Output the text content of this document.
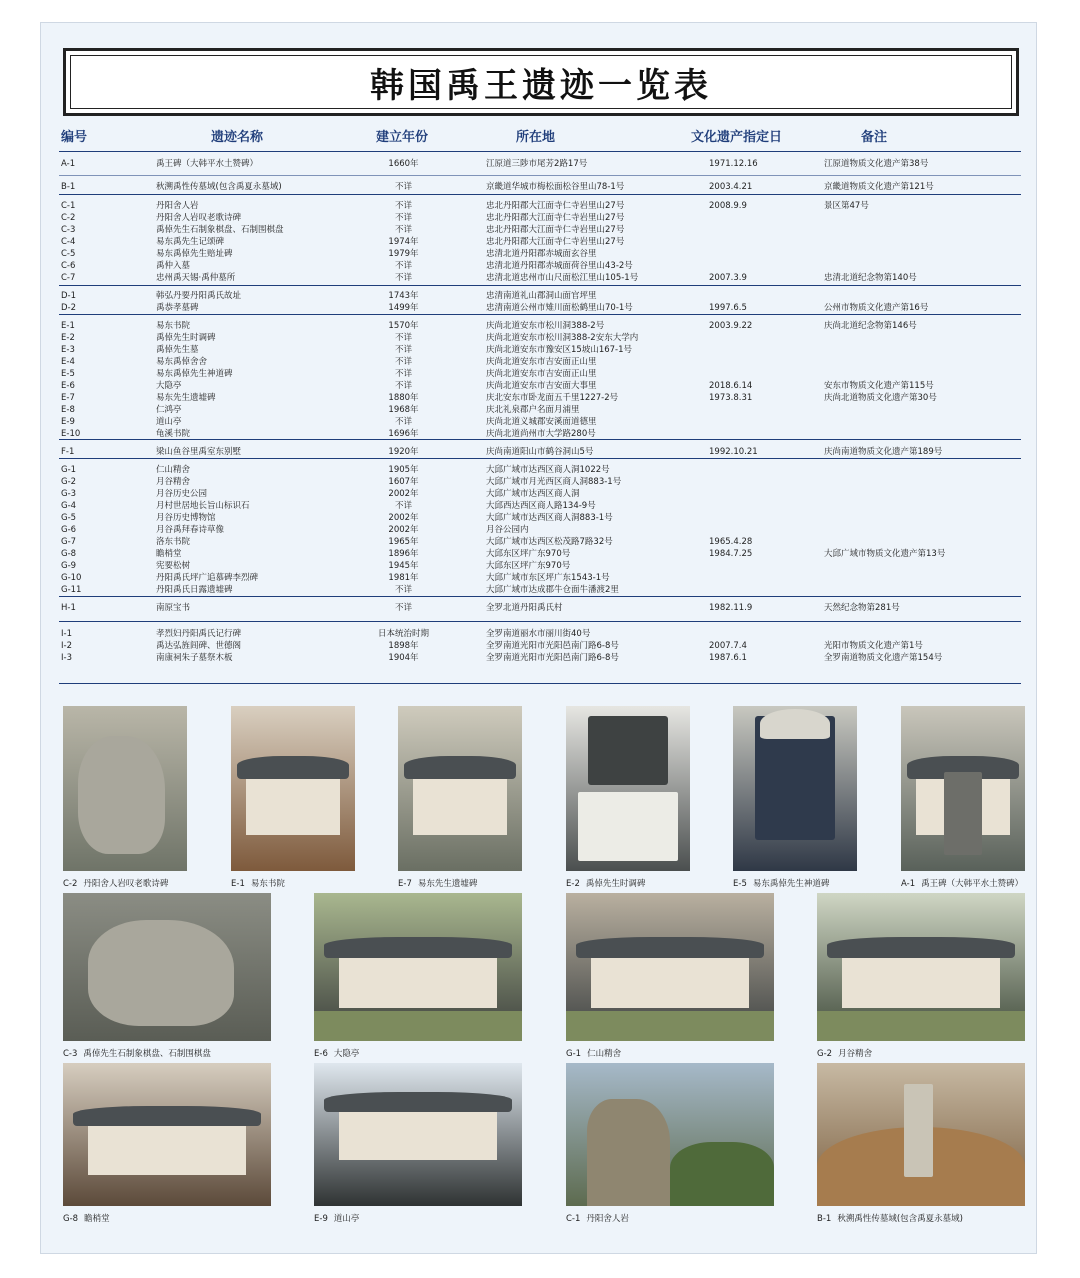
韩国禹王遗迹一览表
编号	遗迹名称	建立年份	所在地	文化遗产指定日	备注
A-1	禹王碑（大韩平水土赞碑）	1660年	江原道三陟市尾芳2路17号	1971.12.16	江原道物质文化遗产第38号
B-1	秋溯禹性传墓域(包含禹夏永墓域)	不详	京畿道华城市梅松面松谷里山78-1号	2003.4.21	京畿道物质文化遗产第121号
C-1	丹阳舍人岩	不详	忠北丹阳郡大江面寺仁寺岩里山27号	2008.9.9	景区第47号
C-2	丹阳舍人岩叹老歌诗碑	不详	忠北丹阳郡大江面寺仁寺岩里山27号
C-3	禹倬先生石制象棋盘、石制围棋盘	不详	忠北丹阳郡大江面寺仁寺岩里山27号
C-4	易东禹先生记颂碑	1974年	忠北丹阳郡大江面寺仁寺岩里山27号
C-5	易东禹倬先生赔址碑	1979年	忠清北道丹阳郡赤城面玄谷里
C-6	禹仲入墓	不详	忠清北道丹阳郡赤城面荷谷里山43-2号
C-7	忠州禹天锡·禹仲墓所	不详	忠清北道忠州市山尺面松江里山105-1号	2007.3.9	忠清北道纪念物第140号
D-1	韩弘丹要丹阳禹氏故址	1743年	忠清南道礼山郡洞山面官坪里
D-2	禹恭孝墓碑	1499年	忠清南道公州市雉川面松鹤里山70-1号	1997.6.5	公州市物质文化遗产第16号
E-1	易东书院	1570年	庆尚北道安东市松川洞388-2号	2003.9.22	庆尚北道纪念物第146号
E-2	禹倬先生时调碑	不详	庆尚北道安东市松川洞388-2安东大学内
E-3	禹倬先生墓	不详	庆尚北道安东市豫安区15坡山167-1号
E-4	易东禹倬舍舍	不详	庆尚北道安东市吉安面正山里
E-5	易东禹倬先生神道碑	不详	庆尚北道安东市吉安面正山里
E-6	大隐亭	不详	庆尚北道安东市吉安面大事里	2018.6.14	安东市物质文化遗产第115号
E-7	易东先生遗墟碑	1880年	庆北安东市卧龙面五千里1227-2号	1973.8.31	庆尚北道物质文化遗产第30号
E-8	仁鸿亭	1968年	庆北礼泉郡户名面月浦里
E-9	道山亭	不详	庆尚北道义城郡安溪面道德里
E-10	龟溪书院	1696年	庆尚北道尚州市大学路280号
F-1	梁山鱼谷里禹室东别墅	1920年	庆尚南道阳山市鹤谷洞山5号	1992.10.21	庆尚南道物质文化遗产第189号
G-1	仁山精舍	1905年	大邱广域市达西区商人洞1022号
G-2	月谷精舍	1607年	大邱广域市月光西区商人洞883-1号
G-3	月谷历史公园	2002年	大邱广域市达西区商人洞
G-4	月村世居地长旨山标识石	不详	大邱西达西区商人路134-9号
G-5	月谷历史博物馆	2002年	大邱广域市达西区商人洞883-1号
G-6	月谷禹拜春诗草像	2002年	月谷公园内
G-7	洛东书院	1965年	大邱广域市达西区松茂路7路32号	1965.4.28
G-8	瞻梢堂	1896年	大邱东区坪广东970号	1984.7.25	大邱广域市物质文化遗产第13号
G-9	宪要松树	1945年	大邱东区坪广东970号
G-10	丹阳禹氏坪广追慕碑李烈碑	1981年	大邱广域市东区坪广东1543-1号
G-11	丹阳禹氏日露遗墟碑	不详	大邱广域市达成郡牛仓面牛潘渡2里
H-1	南原宝书	不详	全罗北道丹阳禹氏村	1982.11.9	天然纪念物第281号
I-1	孝烈妇丹阳禹氏记行碑	日本统治时期	全罗南道丽水市丽川街40号
I-2	禹达弘旌闾碑、世德阁	1898年	全罗南道光阳市光阳邑南门路6-8号	2007.7.4	光阳市物质文化遗产第1号
I-3	南康祠朱子墓祭木板	1904年	全罗南道光阳市光阳邑南门路6-8号	1987.6.1	全罗南道物质文化遗产第154号
C-2 丹阳舍人岩叹老歌诗碑	E-1 易东书院	E-7 易东先生遗墟碑	E-2 禹倬先生时调碑	E-5 易东禹倬先生神道碑	A-1 禹王碑（大韩平水土赞碑）
C-3 禹倬先生石制象棋盘、石制围棋盘	E-6 大隐亭	G-1 仁山精舍	G-2 月谷精舍
G-8 瞻梢堂	E-9 道山亭	C-1 丹阳舍人岩	B-1 秋溯禹性传墓域(包含禹夏永墓域)
